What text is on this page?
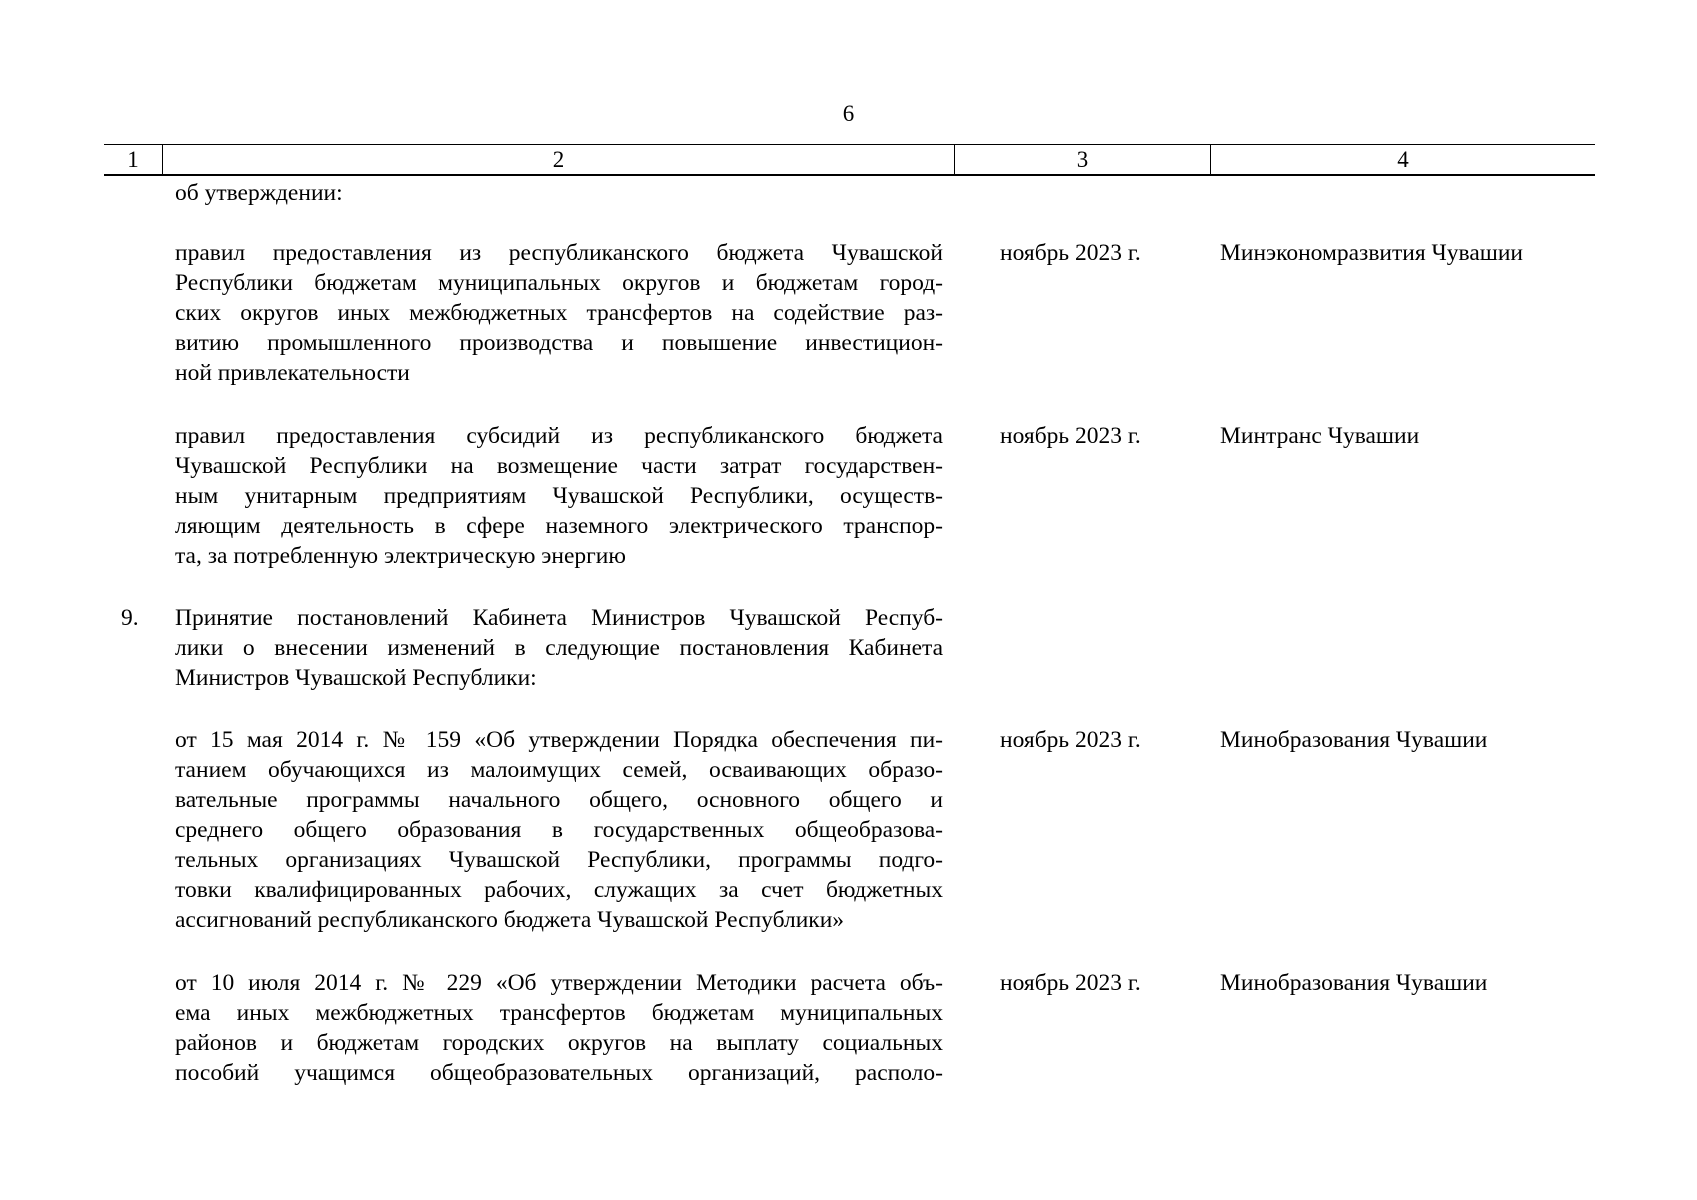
6
1	2	3	4
об утверждении:
правил предоставления из республиканского бюджета Чувашской
Республики бюджетам муниципальных округов и бюджетам город-
ских округов иных межбюджетных трансфертов на содействие раз-
витию промышленного производства и повышение инвестицион-
ной привлекательности
ноябрь 2023 г.	Минэкономразвития Чувашии
правил предоставления субсидий из республиканского бюджета
Чувашской Республики на возмещение части затрат государствен-
ным унитарным предприятиям Чувашской Республики, осуществ-
ляющим деятельность в сфере наземного электрического транспор-
та, за потребленную электрическую энергию
ноябрь 2023 г.	Минтранс Чувашии
9. Принятие постановлений Кабинета Министров Чувашской Респуб-
лики о внесении изменений в следующие постановления Кабинета
Министров Чувашской Республики:
от 15 мая 2014 г. № 159 «Об утверждении Порядка обеспечения пи-
танием обучающихся из малоимущих семей, осваивающих образо-
вательные программы начального общего, основного общего и
среднего общего образования в государственных общеобразова-
тельных организациях Чувашской Республики, программы подго-
товки квалифицированных рабочих, служащих за счет бюджетных
ассигнований республиканского бюджета Чувашской Республики»
ноябрь 2023 г.	Минобразования Чувашии
от 10 июля 2014 г. № 229 «Об утверждении Методики расчета объ-
ема иных межбюджетных трансфертов бюджетам муниципальных
районов и бюджетам городских округов на выплату социальных
пособий учащимся общеобразовательных организаций, располо-
ноябрь 2023 г.	Минобразования Чувашии
